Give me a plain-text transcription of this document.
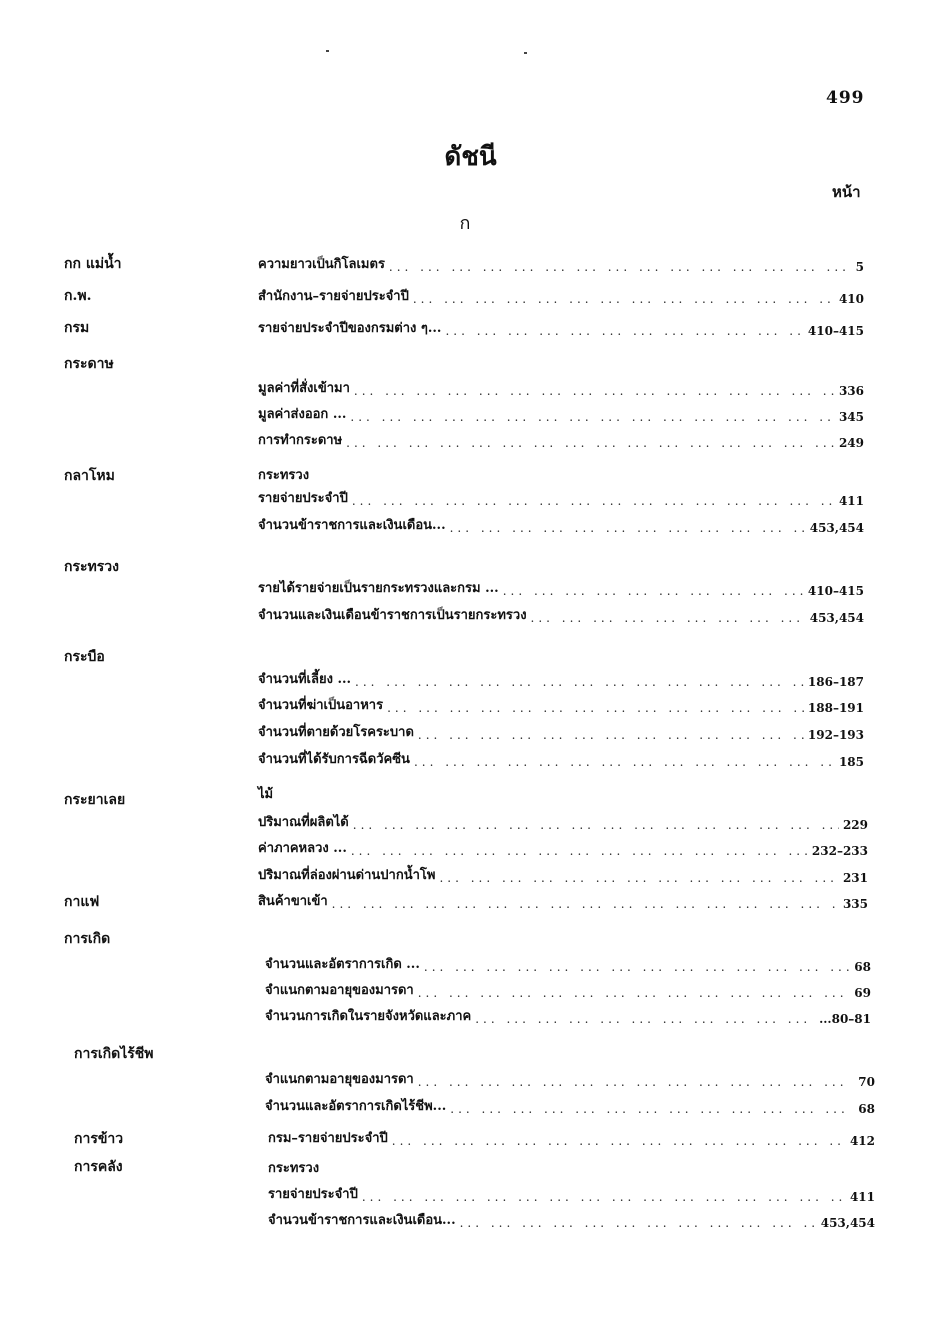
499
ดัชนี
หน้า
ก
กก แม่น้ำ	ความยาวเป็นกิโลเมตร ... .	5
ก.พ.	สำนักงาน–รายจ่ายประจำปี ... .	410
กรม	รายจ่ายประจำปีของกรมต่าง ๆ... ... .	410–415
กระดาษ
มูลค่าที่สั่งเข้ามา ... .	336
มูลค่าส่งออก ... ... .	345
การทำกระดาษ ... .	249
กลาโหม	กระทรวง
รายจ่ายประจำปี ... .	411
จำนวนข้าราชการและเงินเดือน... ... .	453,454
กระทรวง
รายได้รายจ่ายเป็นรายกระทรวงและกรม ... ... .	410–415
จำนวนและเงินเดือนข้าราชการเป็นรายกระทรวง ... .	453,454
กระบือ
จำนวนที่เลี้ยง ... ... .	186–187
จำนวนที่ฆ่าเป็นอาหาร ... .	188–191
จำนวนที่ตายด้วยโรคระบาด ... .	192–193
จำนวนที่ได้รับการฉีดวัคซีน ... .	185
กระยาเลย	ไม้
ปริมาณที่ผลิตได้ ... .	229
ค่าภาคหลวง ... ... .	232–233
ปริมาณที่ล่องผ่านด่านปากน้ำโพ ... .	231
กาแฟ	สินค้าขาเข้า ... .	335
การเกิด
จำนวนและอัตราการเกิด ... ... .	68
จำแนกตามอายุของมารดา ... .	69
จำนวนการเกิดในรายจังหวัดและภาค ... .	...80–81
การเกิดไร้ชีพ
จำแนกตามอายุของมารดา ... .	70
จำนวนและอัตราการเกิดไร้ชีพ... ... .	68
การข้าว	กรม–รายจ่ายประจำปี ... .	412
การคลัง	กระทรวง
รายจ่ายประจำปี ... .	411
จำนวนข้าราชการและเงินเดือน... ... .	453,454
